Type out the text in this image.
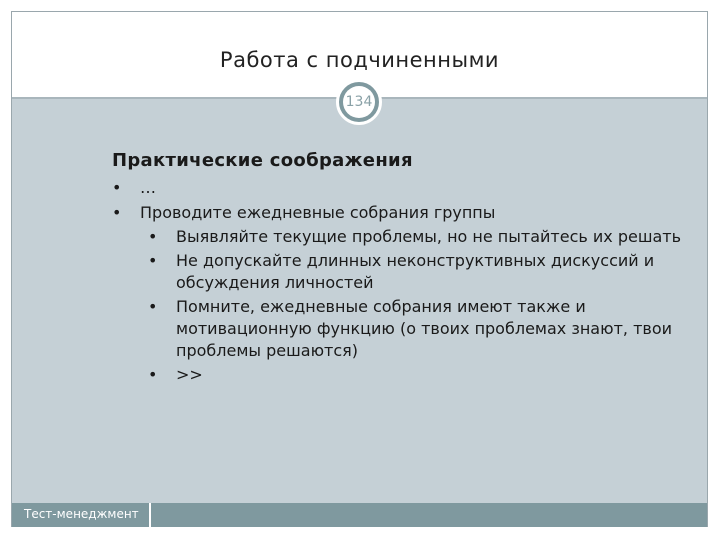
Работа с подчиненными
134
Практические соображения
• …
• Проводите ежедневные собрания группы
• Выявляйте текущие проблемы, но не пытайтесь их решать
• Не допускайте длинных неконструктивных дискуссий и обсуждения личностей
• Помните, ежедневные собрания имеют также и мотивационную функцию (о твоих проблемах знают, твои проблемы решаются)
• >>
Тест-менеджмент
